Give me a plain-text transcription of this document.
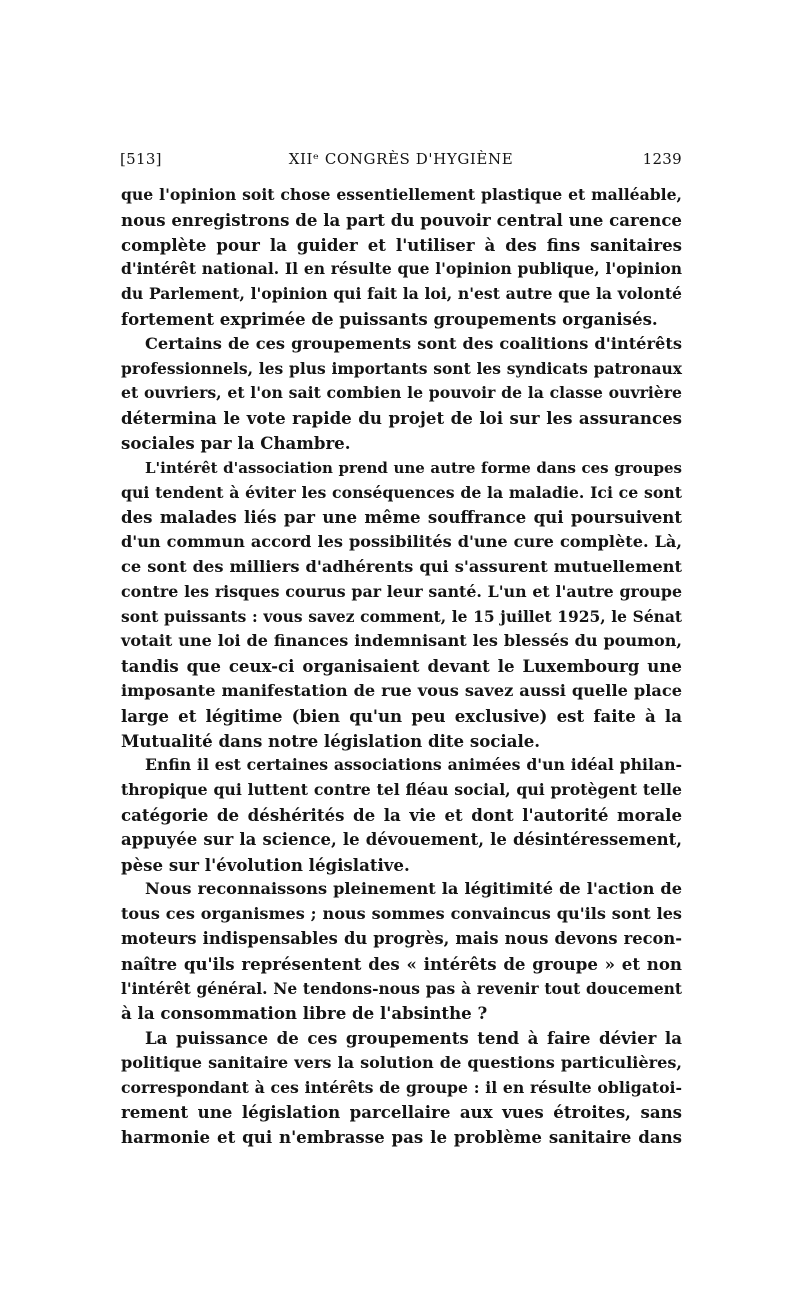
[513]	XIIᵉ CONGRÈS D'HYGIÈNE	1239
que l'opinion soit chose essentiellement plastique et malléable,
nous enregistrons de la part du pouvoir central une carence
complète pour la guider et l'utiliser à des fins sanitaires
d'intérêt national. Il en résulte que l'opinion publique, l'opinion
du Parlement, l'opinion qui fait la loi, n'est autre que la volonté
fortement exprimée de puissants groupements organisés.
Certains de ces groupements sont des coalitions d'intérêts
professionnels, les plus importants sont les syndicats patronaux
et ouvriers, et l'on sait combien le pouvoir de la classe ouvrière
détermina le vote rapide du projet de loi sur les assurances
sociales par la Chambre.
L'intérêt d'association prend une autre forme dans ces groupes
qui tendent à éviter les conséquences de la maladie. Ici ce sont
des malades liés par une même souffrance qui poursuivent
d'un commun accord les possibilités d'une cure complète. Là,
ce sont des milliers d'adhérents qui s'assurent mutuellement
contre les risques courus par leur santé. L'un et l'autre groupe
sont puissants : vous savez comment, le 15 juillet 1925, le Sénat
votait une loi de finances indemnisant les blessés du poumon,
tandis que ceux-ci organisaient devant le Luxembourg une
imposante manifestation de rue vous savez aussi quelle place
large et légitime (bien qu'un peu exclusive) est faite à la
Mutualité dans notre législation dite sociale.
Enfin il est certaines associations animées d'un idéal philan-
thropique qui luttent contre tel fléau social, qui protègent telle
catégorie de déshérités de la vie et dont l'autorité morale
appuyée sur la science, le dévouement, le désintéressement,
pèse sur l'évolution législative.
Nous reconnaissons pleinement la légitimité de l'action de
tous ces organismes ; nous sommes convaincus qu'ils sont les
moteurs indispensables du progrès, mais nous devons recon-
naître qu'ils représentent des « intérêts de groupe » et non
l'intérêt général. Ne tendons-nous pas à revenir tout doucement
à la consommation libre de l'absinthe ?
La puissance de ces groupements tend à faire dévier la
politique sanitaire vers la solution de questions particulières,
correspondant à ces intérêts de groupe : il en résulte obligatoi-
rement une législation parcellaire aux vues étroites, sans
harmonie et qui n'embrasse pas le problème sanitaire dans
